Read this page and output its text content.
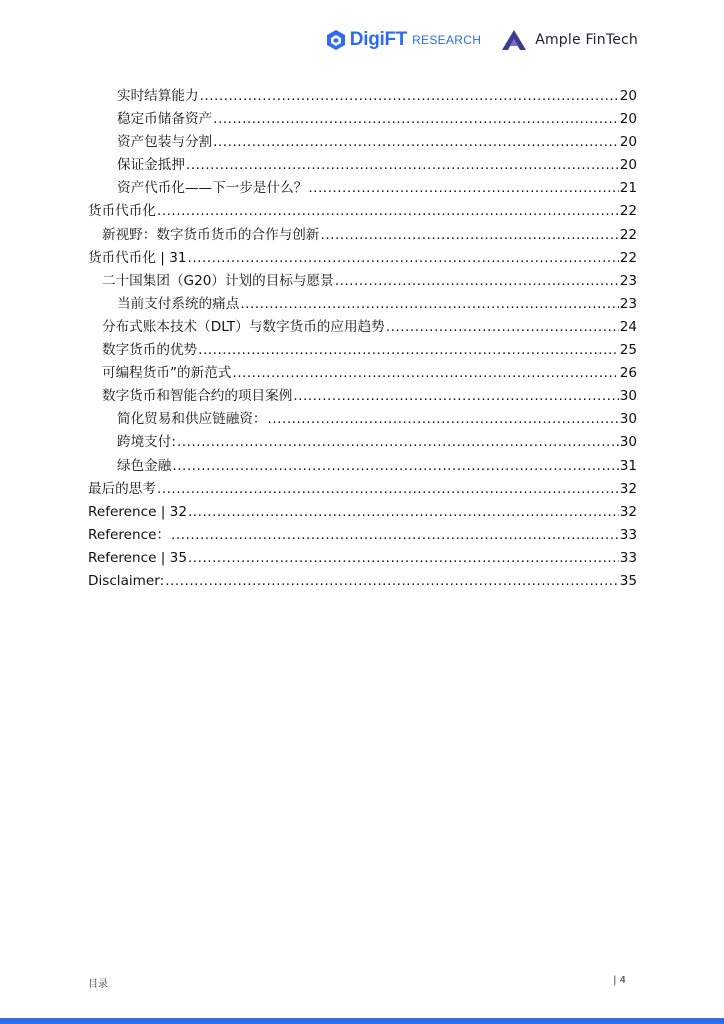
DigiFT RESEARCH	Ample FinTech
实时结算能力 .....	20
稳定币储备资产 .....	20
资产包装与分割 .....	20
保证金抵押 .....	20
资产代币化——下一步是什么？ .....	21
货币代币化 .....	22
新视野：数字货币货币的合作与创新 .....	22
货币代币化 | 31 .....	22
二十国集团（G20）计划的目标与愿景 .....	23
当前支付系统的痛点 .....	23
分布式账本技术（DLT）与数字货币的应用趋势 .....	24
数字货币的优势 .....	25
可编程货币”的新范式 .....	26
数字货币和智能合约的项目案例 .....	30
简化贸易和供应链融资： .....	30
跨境支付: .....	30
绿色金融 .....	31
最后的思考 .....	32
Reference | 32 .....	32
Reference： .....	33
Reference | 35 .....	33
Disclaimer: .....	35
目录	| 4
